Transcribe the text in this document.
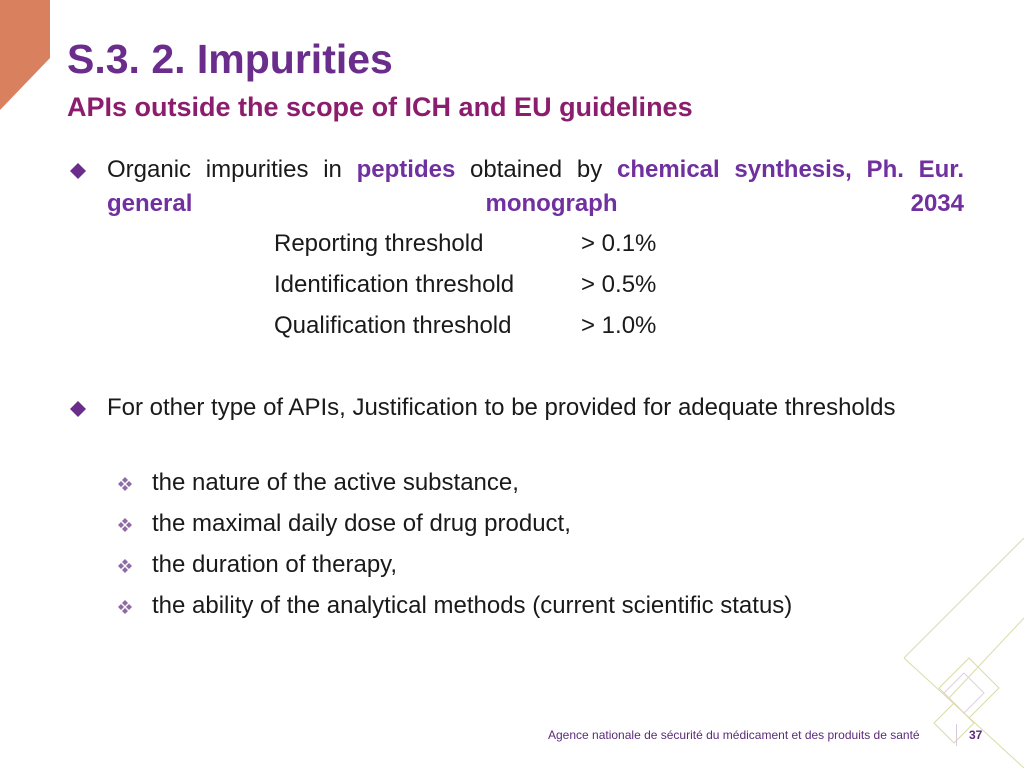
S.3. 2. Impurities
APIs outside the scope of ICH and EU guidelines
Organic impurities in peptides obtained by chemical synthesis, Ph. Eur. general monograph 2034
Reporting threshold	> 0.1%
Identification threshold	> 0.5%
Qualification threshold	> 1.0%
For other type of APIs, Justification to be provided for adequate thresholds
the nature of the active substance,
the maximal daily dose of drug product,
the duration of therapy,
the ability of the analytical methods (current scientific status)
Agence nationale de sécurité du médicament et des produits de santé	37
